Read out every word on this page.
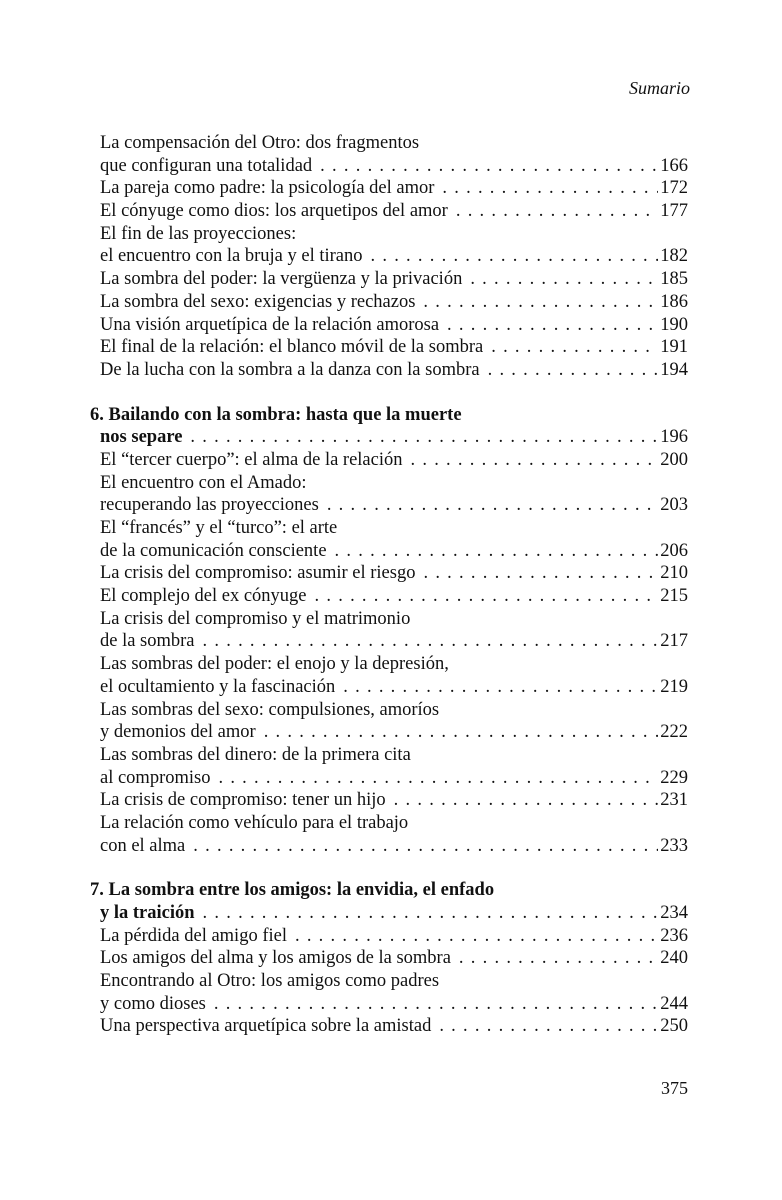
Sumario
La compensación del Otro: dos fragmentos
que configuran una totalidad . . .	166
La pareja como padre: la psicología del amor . . .	172
El cónyuge como dios: los arquetipos del amor . . .	177
El fin de las proyecciones:
el encuentro con la bruja y el tirano . . .	182
La sombra del poder: la vergüenza y la privación . . .	185
La sombra del sexo: exigencias y rechazos . . .	186
Una visión arquetípica de la relación amorosa . . .	190
El final de la relación: el blanco móvil de la sombra . . .	191
De la lucha con la sombra a la danza con la sombra . . .	194
6. Bailando con la sombra: hasta que la muerte
nos separe . . .	196
El “tercer cuerpo”: el alma de la relación . . .	200
El encuentro con el Amado:
recuperando las proyecciones . . .	203
El “francés” y el “turco”: el arte
de la comunicación consciente . . .	206
La crisis del compromiso: asumir el riesgo . . .	210
El complejo del ex cónyuge . . .	215
La crisis del compromiso y el matrimonio
de la sombra . . .	217
Las sombras del poder: el enojo y la depresión,
el ocultamiento y la fascinación . . .	219
Las sombras del sexo: compulsiones, amoríos
y demonios del amor . . .	222
Las sombras del dinero: de la primera cita
al compromiso . . .	229
La crisis de compromiso: tener un hijo . . .	231
La relación como vehículo para el trabajo
con el alma . . .	233
7. La sombra entre los amigos: la envidia, el enfado
y la traición . . .	234
La pérdida del amigo fiel . . .	236
Los amigos del alma y los amigos de la sombra . . .	240
Encontrando al Otro: los amigos como padres
y como dioses . . .	244
Una perspectiva arquetípica sobre la amistad . . .	250
375
